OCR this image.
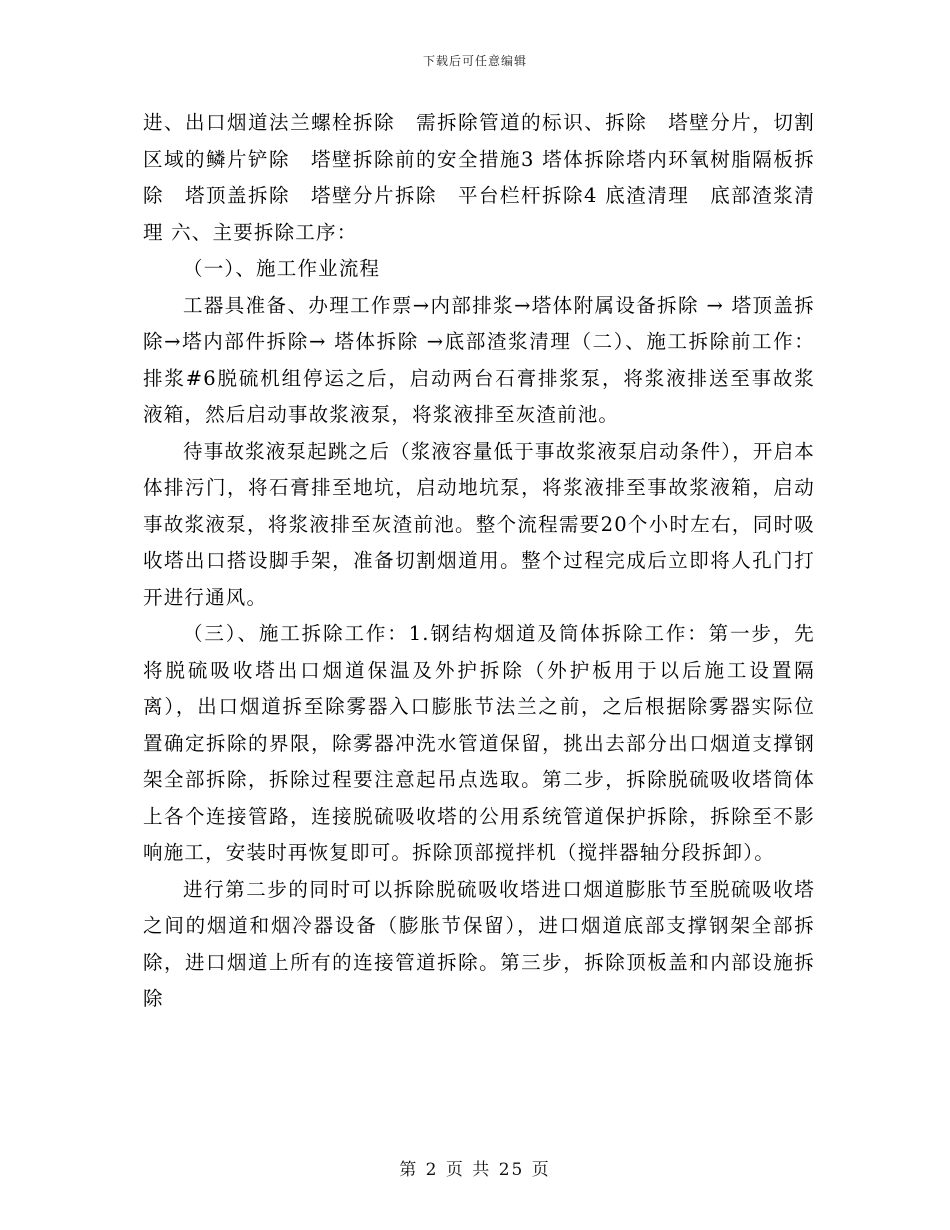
下载后可任意编辑

进、出口烟道法兰螺栓拆除　需拆除管道的标识、拆除　塔壁分片，切割区域的鳞片铲除　塔壁拆除前的安全措施3 塔体拆除塔内环氧树脂隔板拆除　塔顶盖拆除　塔壁分片拆除　平台栏杆拆除4 底渣清理　底部渣浆清理 六、主要拆除工序：

（一）、施工作业流程

工器具准备、办理工作票→内部排浆→塔体附属设备拆除 → 塔顶盖拆除→塔内部件拆除→ 塔体拆除 →底部渣浆清理（二）、施工拆除前工作：排浆#6脱硫机组停运之后，启动两台石膏排浆泵，将浆液排送至事故浆液箱，然后启动事故浆液泵，将浆液排至灰渣前池。

待事故浆液泵起跳之后（浆液容量低于事故浆液泵启动条件），开启本体排污门，将石膏排至地坑，启动地坑泵，将浆液排至事故浆液箱，启动事故浆液泵，将浆液排至灰渣前池。整个流程需要20个小时左右，同时吸收塔出口搭设脚手架，准备切割烟道用。整个过程完成后立即将人孔门打开进行通风。

（三）、施工拆除工作：1.钢结构烟道及筒体拆除工作：第一步，先将脱硫吸收塔出口烟道保温及外护拆除（外护板用于以后施工设置隔离），出口烟道拆至除雾器入口膨胀节法兰之前，之后根据除雾器实际位置确定拆除的界限，除雾器冲洗水管道保留，挑出去部分出口烟道支撑钢架全部拆除，拆除过程要注意起吊点选取。第二步，拆除脱硫吸收塔筒体上各个连接管路，连接脱硫吸收塔的公用系统管道保护拆除，拆除至不影响施工，安装时再恢复即可。拆除顶部搅拌机（搅拌器轴分段拆卸）。

进行第二步的同时可以拆除脱硫吸收塔进口烟道膨胀节至脱硫吸收塔之间的烟道和烟冷器设备（膨胀节保留），进口烟道底部支撑钢架全部拆除，进口烟道上所有的连接管道拆除。第三步，拆除顶板盖和内部设施拆除

第 2 页 共 25 页
